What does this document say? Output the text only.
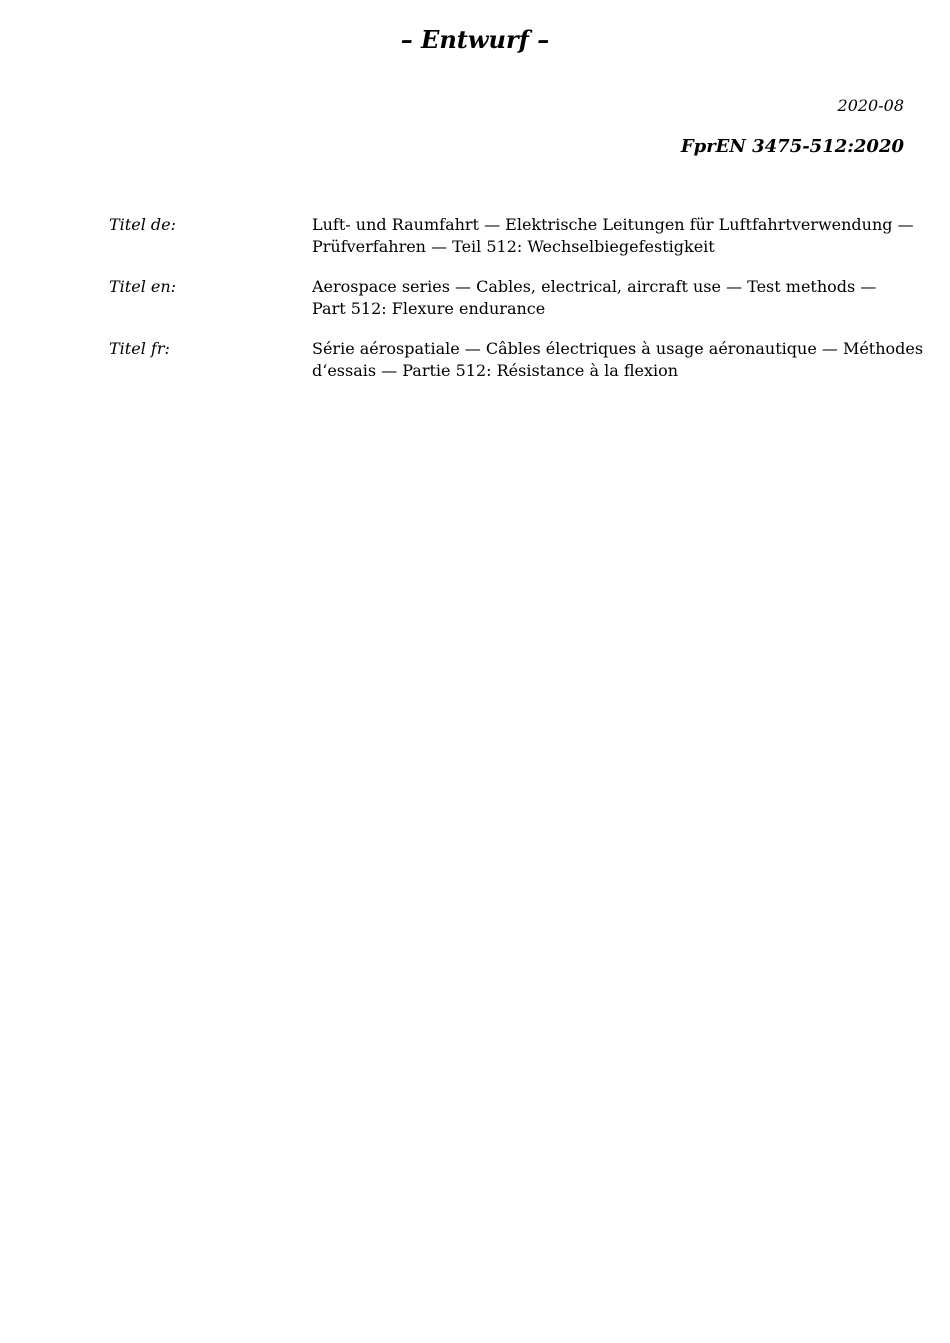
– Entwurf –
2020-08
FprEN 3475-512:2020
Titel de:	Luft- und Raumfahrt — Elektrische Leitungen für Luftfahrtverwendung —
Prüfverfahren — Teil 512: Wechselbiegefestigkeit
Titel en:	Aerospace series — Cables, electrical, aircraft use — Test methods —
Part 512: Flexure endurance
Titel fr:	Série aérospatiale — Câbles électriques à usage aéronautique — Méthodes
d‘essais — Partie 512: Résistance à la flexion
